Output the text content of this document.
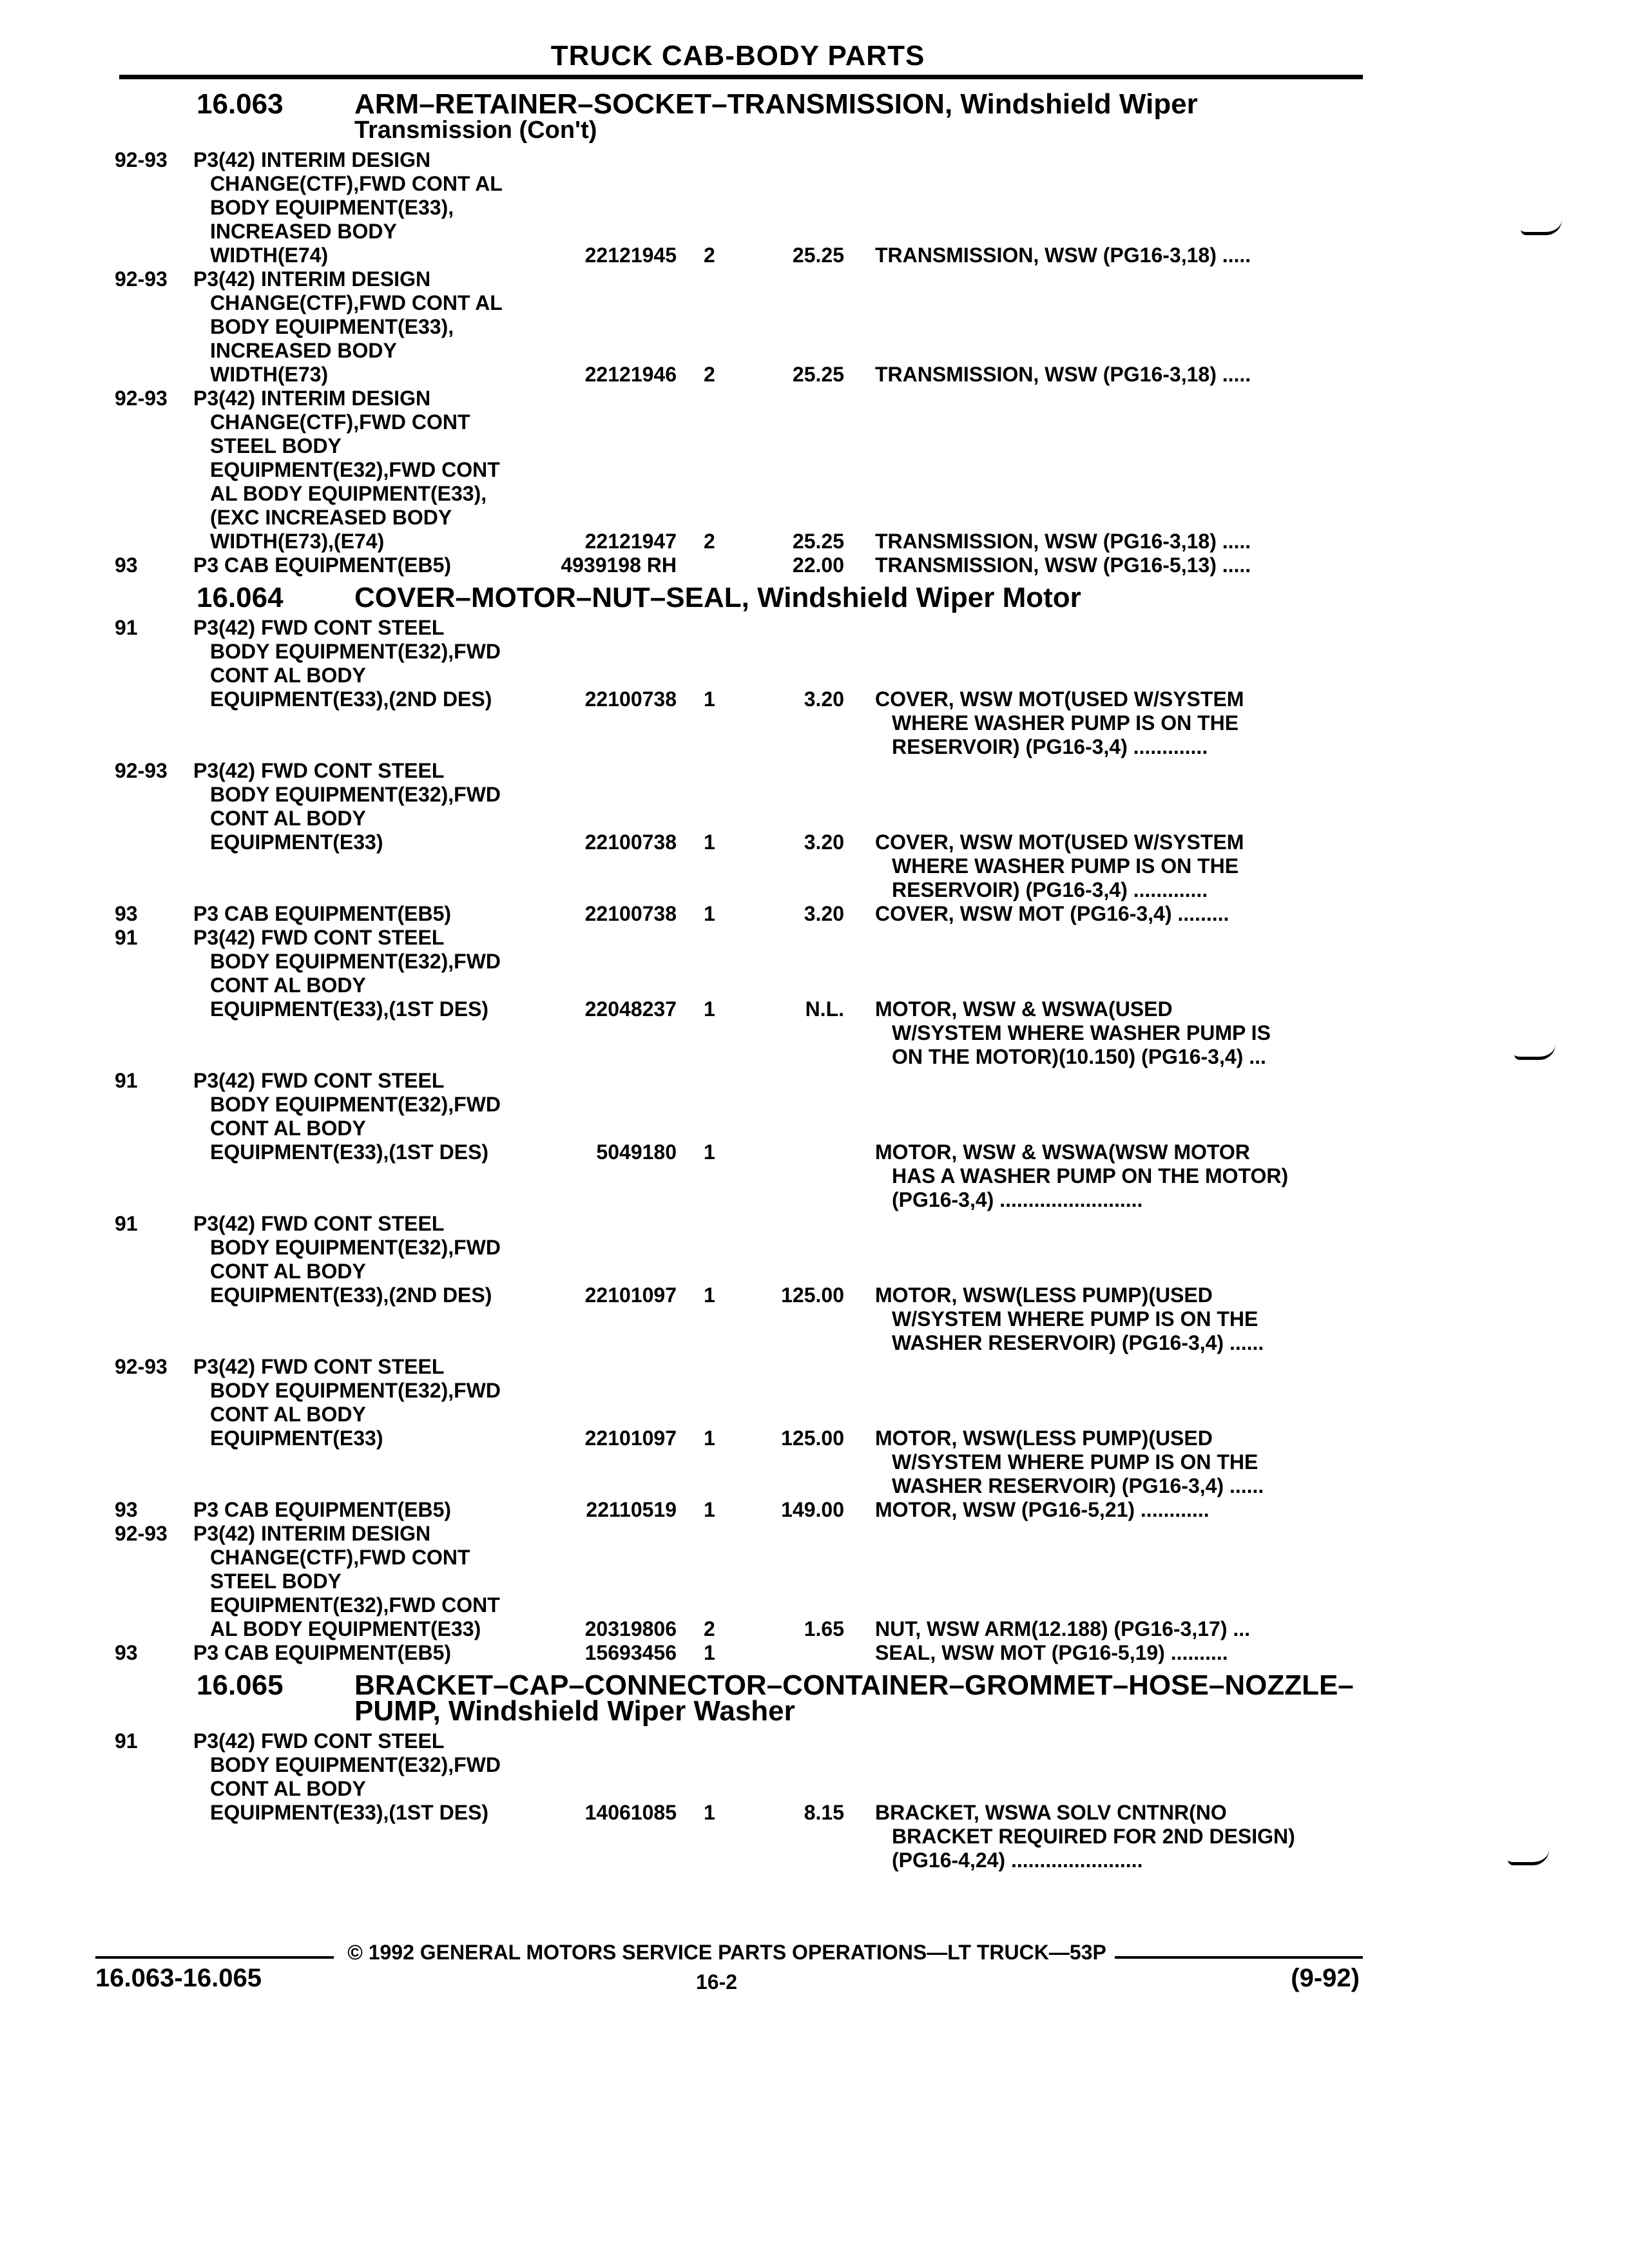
TRUCK CAB-BODY PARTS
16.063	ARM–RETAINER–SOCKET–TRANSMISSION, Windshield Wiper
Transmission (Con't)
92-93	P3(42) INTERIM DESIGN
CHANGE(CTF),FWD CONT AL
BODY EQUIPMENT(E33),
INCREASED BODY
WIDTH(E74)	22121945 2	25.25 TRANSMISSION, WSW (PG16-3,18) .....
92-93	P3(42) INTERIM DESIGN
CHANGE(CTF),FWD CONT AL
BODY EQUIPMENT(E33),
INCREASED BODY
WIDTH(E73)	22121946 2	25.25 TRANSMISSION, WSW (PG16-3,18) .....
92-93	P3(42) INTERIM DESIGN
CHANGE(CTF),FWD CONT
STEEL BODY
EQUIPMENT(E32),FWD CONT
AL BODY EQUIPMENT(E33),
(EXC INCREASED BODY
WIDTH(E73),(E74)	22121947 2	25.25 TRANSMISSION, WSW (PG16-3,18) .....
93	P3 CAB EQUIPMENT(EB5)	4939198 RH	22.00 TRANSMISSION, WSW (PG16-5,13) .....
16.064	COVER–MOTOR–NUT–SEAL, Windshield Wiper Motor
91	P3(42) FWD CONT STEEL
BODY EQUIPMENT(E32),FWD
CONT AL BODY
EQUIPMENT(E33),(2ND DES)	22100738 1	3.20 COVER, WSW MOT(USED W/SYSTEM
WHERE WASHER PUMP IS ON THE
RESERVOIR) (PG16-3,4) .............
92-93	P3(42) FWD CONT STEEL
BODY EQUIPMENT(E32),FWD
CONT AL BODY
EQUIPMENT(E33)	22100738 1	3.20 COVER, WSW MOT(USED W/SYSTEM
WHERE WASHER PUMP IS ON THE
RESERVOIR) (PG16-3,4) .............
93	P3 CAB EQUIPMENT(EB5)	22100738 1	3.20 COVER, WSW MOT (PG16-3,4) .........
91	P3(42) FWD CONT STEEL
BODY EQUIPMENT(E32),FWD
CONT AL BODY
EQUIPMENT(E33),(1ST DES)	22048237 1	N.L. MOTOR, WSW & WSWA(USED
W/SYSTEM WHERE WASHER PUMP IS
ON THE MOTOR)(10.150) (PG16-3,4) ...
91	P3(42) FWD CONT STEEL
BODY EQUIPMENT(E32),FWD
CONT AL BODY
EQUIPMENT(E33),(1ST DES)	5049180 1	MOTOR, WSW & WSWA(WSW MOTOR
HAS A WASHER PUMP ON THE MOTOR)
(PG16-3,4) .........................
91	P3(42) FWD CONT STEEL
BODY EQUIPMENT(E32),FWD
CONT AL BODY
EQUIPMENT(E33),(2ND DES)	22101097 1	125.00 MOTOR, WSW(LESS PUMP)(USED
W/SYSTEM WHERE PUMP IS ON THE
WASHER RESERVOIR) (PG16-3,4) ......
92-93	P3(42) FWD CONT STEEL
BODY EQUIPMENT(E32),FWD
CONT AL BODY
EQUIPMENT(E33)	22101097 1	125.00 MOTOR, WSW(LESS PUMP)(USED
W/SYSTEM WHERE PUMP IS ON THE
WASHER RESERVOIR) (PG16-3,4) ......
93	P3 CAB EQUIPMENT(EB5)	22110519 1	149.00 MOTOR, WSW (PG16-5,21) ............
92-93	P3(42) INTERIM DESIGN
CHANGE(CTF),FWD CONT
STEEL BODY
EQUIPMENT(E32),FWD CONT
AL BODY EQUIPMENT(E33)	20319806 2	1.65 NUT, WSW ARM(12.188) (PG16-3,17) ...
93	P3 CAB EQUIPMENT(EB5)	15693456 1	SEAL, WSW MOT (PG16-5,19) ..........
16.065	BRACKET–CAP–CONNECTOR–CONTAINER–GROMMET–HOSE–NOZZLE–PUMP, Windshield Wiper Washer
91	P3(42) FWD CONT STEEL
BODY EQUIPMENT(E32),FWD
CONT AL BODY
EQUIPMENT(E33),(1ST DES)	14061085 1	8.15 BRACKET, WSWA SOLV CNTNR(NO
BRACKET REQUIRED FOR 2ND DESIGN)
(PG16-4,24) .......................
© 1992 GENERAL MOTORS SERVICE PARTS OPERATIONS—LT TRUCK—53P
16.063-16.065	16-2	(9-92)
